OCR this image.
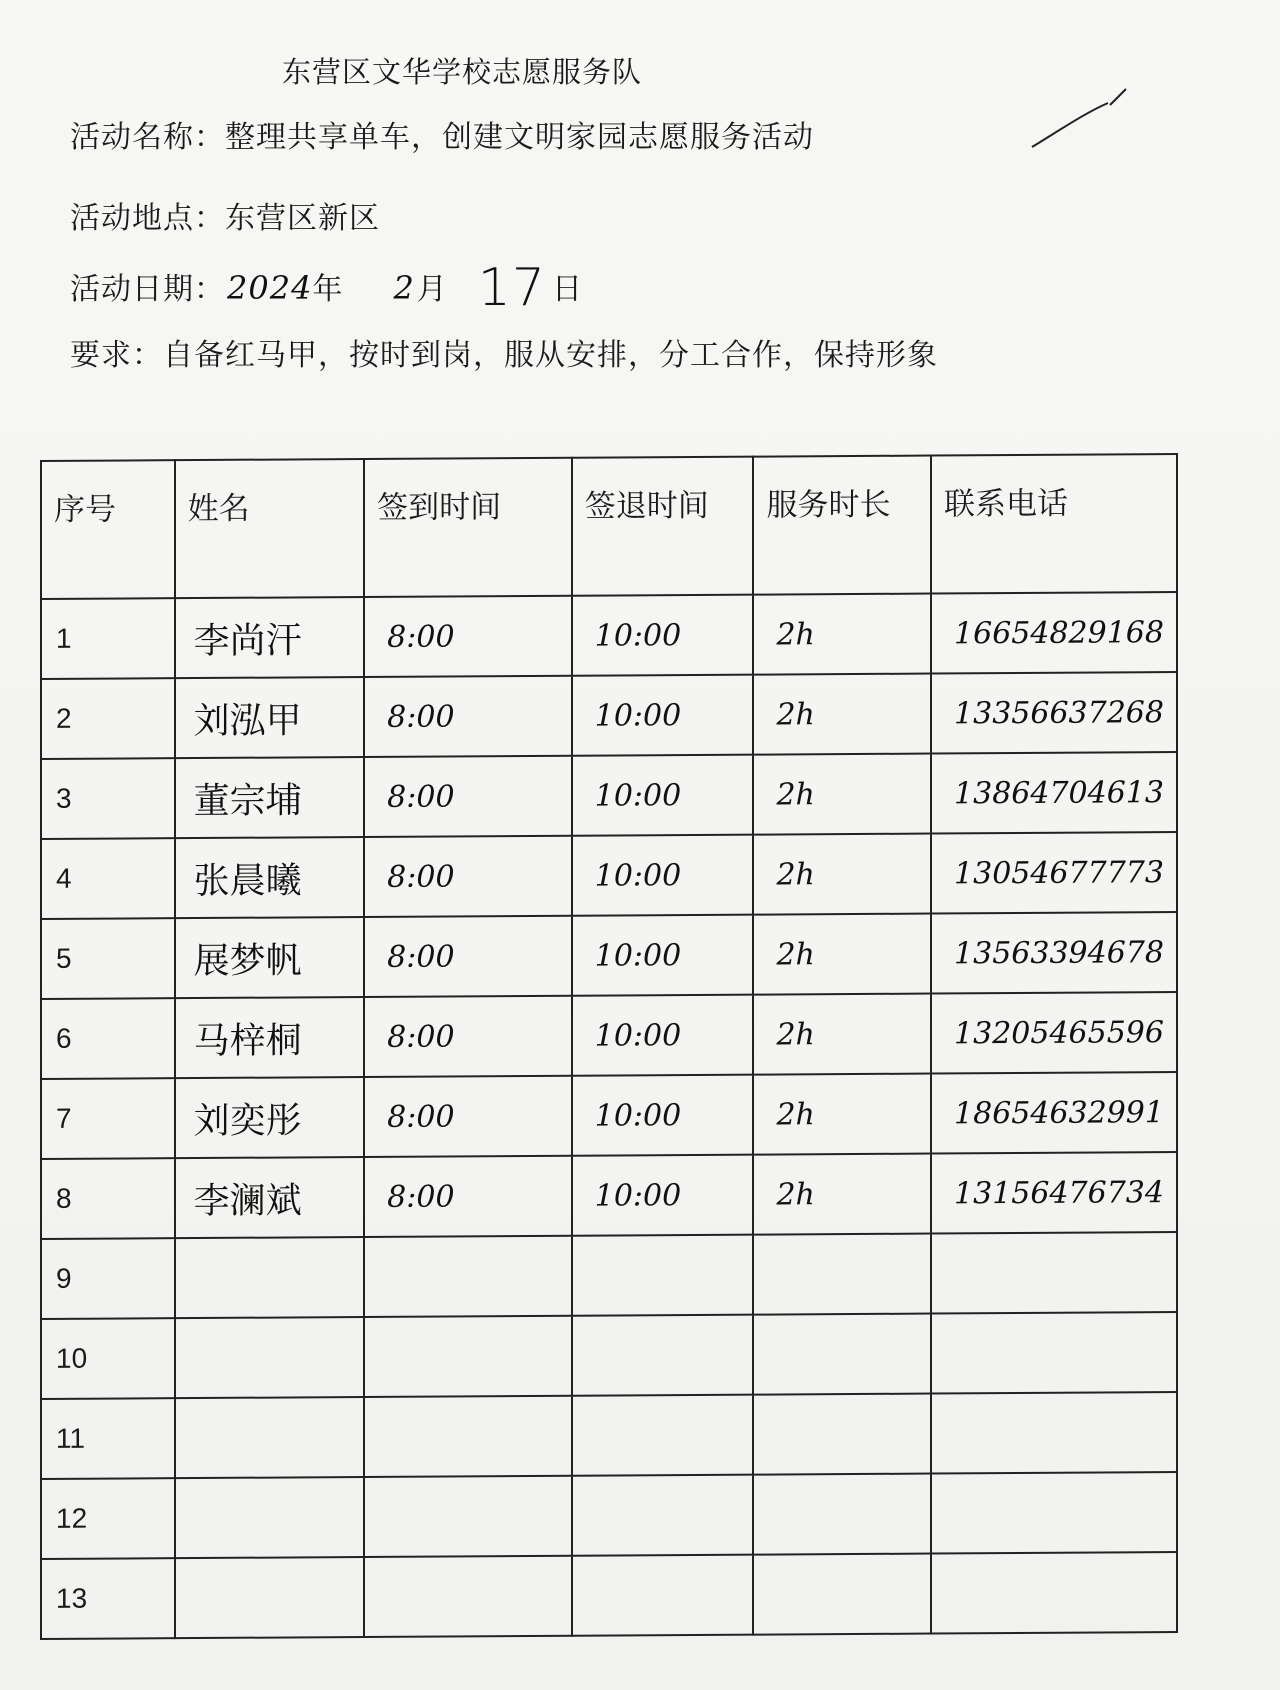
东营区文华学校志愿服务队
活动名称：整理共享单车，创建文明家园志愿服务活动
活动地点：东营区新区
活动日期：2024年 2月 17 日
要求：自备红马甲，按时到岗，服从安排，分工合作，保持形象
序号	姓名	签到时间	签退时间	服务时长	联系电话
1	李尚汗	8:00	10:00	2h	16654829168
2	刘泓甲	8:00	10:00	2h	13356637268
3	董宗埔	8:00	10:00	2h	13864704613
4	张晨曦	8:00	10:00	2h	13054677773
5	展梦帆	8:00	10:00	2h	13563394678
6	马梓桐	8:00	10:00	2h	13205465596
7	刘奕彤	8:00	10:00	2h	18654632991
8	李澜斌	8:00	10:00	2h	13156476734
9					
10					
11					
12					
13					
